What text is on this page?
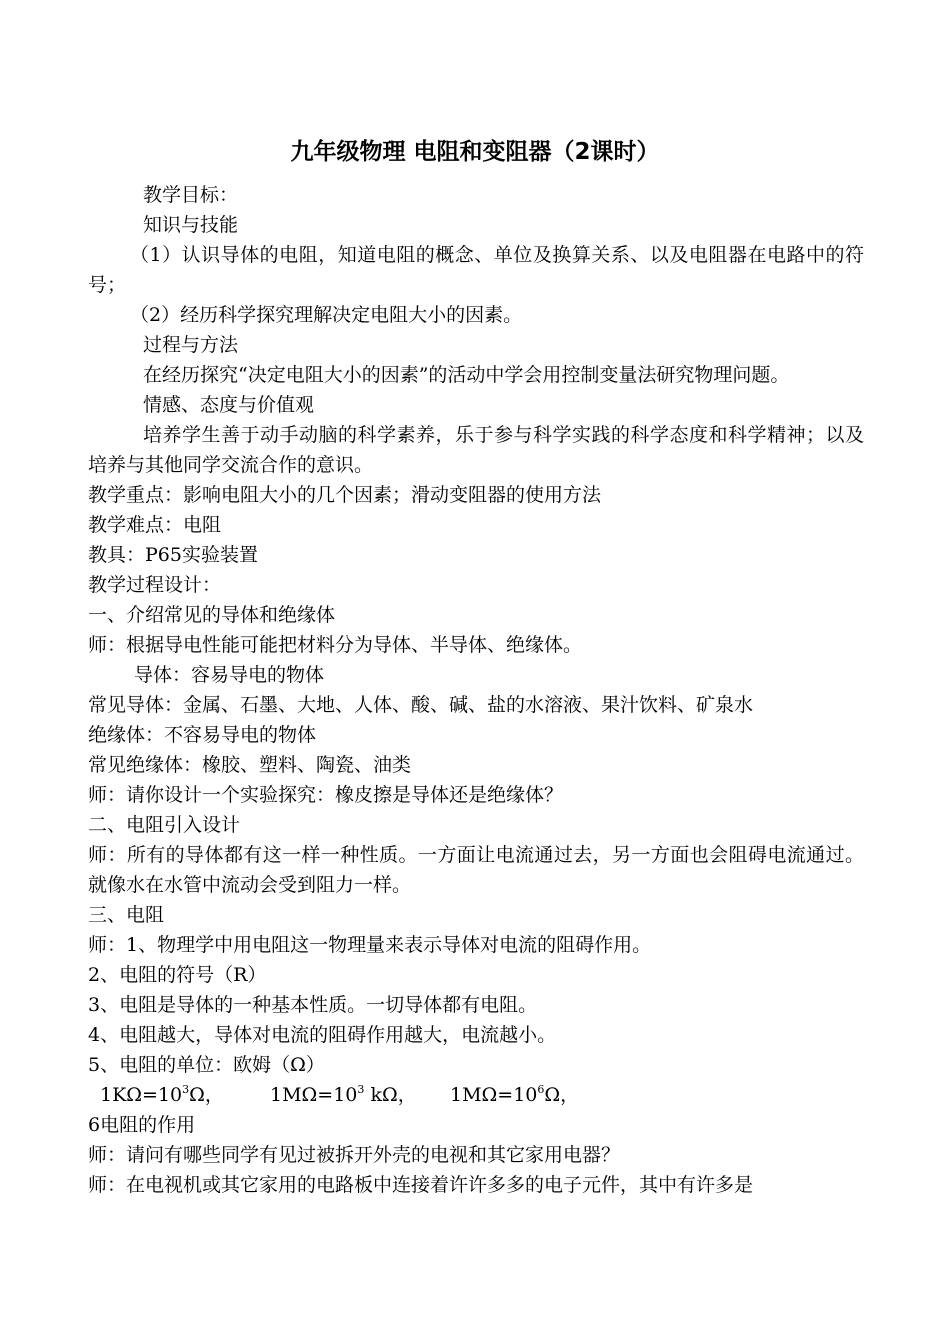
九年级物理 电阻和变阻器（2课时）

教学目标：

知识与技能

（1）认识导体的电阻，知道电阻的概念、单位及换算关系、以及电阻器在电路中的符号；

（2）经历科学探究理解决定电阻大小的因素。

过程与方法

在经历探究“决定电阻大小的因素”的活动中学会用控制变量法研究物理问题。

情感、态度与价值观

培养学生善于动手动脑的科学素养，乐于参与科学实践的科学态度和科学精神；以及培养与其他同学交流合作的意识。

教学重点：影响电阻大小的几个因素；滑动变阻器的使用方法

教学难点：电阻

教具：P65实验装置

教学过程设计：

一、介绍常见的导体和绝缘体

师：根据导电性能可能把材料分为导体、半导体、绝缘体。

导体：容易导电的物体

常见导体：金属、石墨、大地、人体、酸、碱、盐的水溶液、果汁饮料、矿泉水

绝缘体：不容易导电的物体

常见绝缘体：橡胶、塑料、陶瓷、油类

师：请你设计一个实验探究：橡皮擦是导体还是绝缘体？

二、电阻引入设计

师：所有的导体都有这一样一种性质。一方面让电流通过去，另一方面也会阻碍电流通过。就像水在水管中流动会受到阻力一样。

三、电阻

师：1、物理学中用电阻这一物理量来表示导体对电流的阻碍作用。

2、电阻的符号（R）

3、电阻是导体的一种基本性质。一切导体都有电阻。

4、电阻越大，导体对电流的阻碍作用越大，电流越小。

5、电阻的单位：欧姆（Ω）

$1K\Omega=10^3\Omega$， $1M\Omega=10^3$ kΩ， $1M\Omega=10^6\Omega$，

6电阻的作用

师：请问有哪些同学有见过被拆开外壳的电视和其它家用电器？

师：在电视机或其它家用的电路板中连接着许许多多的电子元件，其中有许多是
